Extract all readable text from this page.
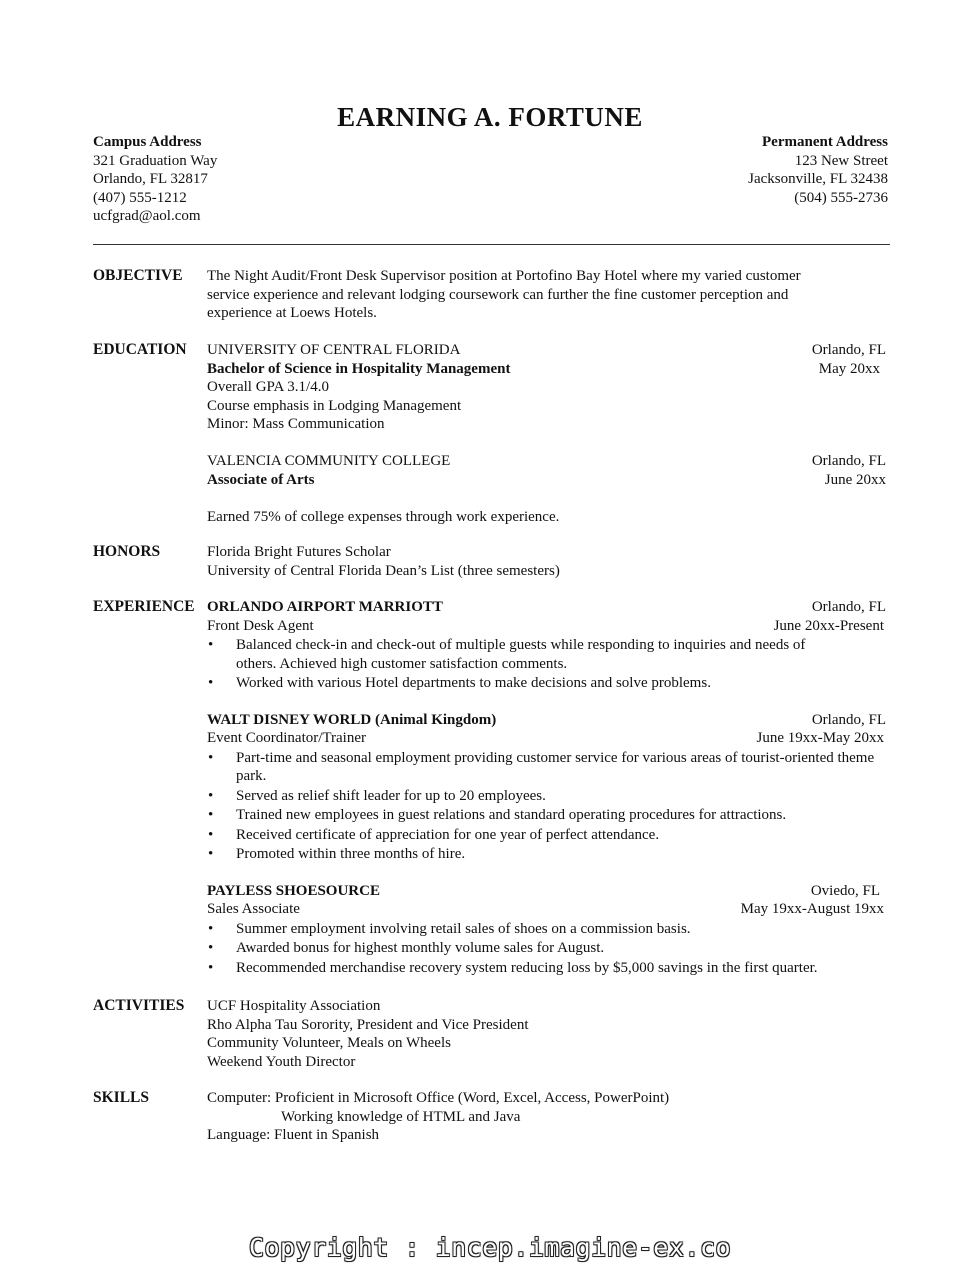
EARNING A. FORTUNE
Campus Address
321 Graduation Way
Orlando, FL 32817
(407) 555-1212
ucfgrad@aol.com
Permanent Address
123 New Street
Jacksonville, FL 32438
(504) 555-2736
OBJECTIVE The Night Audit/Front Desk Supervisor position at Portofino Bay Hotel where my varied customer service experience and relevant lodging coursework can further the fine customer perception and experience at Loews Hotels.
EDUCATION UNIVERSITY OF CENTRAL FLORIDA	Orlando, FL
Bachelor of Science in Hospitality Management	May 20xx
Overall GPA 3.1/4.0
Course emphasis in Lodging Management
Minor: Mass Communication
VALENCIA COMMUNITY COLLEGE	Orlando, FL
Associate of Arts	June 20xx
Earned 75% of college expenses through work experience.
HONORS	Florida Bright Futures Scholar
University of Central Florida Dean’s List (three semesters)
EXPERIENCE ORLANDO AIRPORT MARRIOTT	Orlando, FL
Front Desk Agent	June 20xx-Present
• Balanced check-in and check-out of multiple guests while responding to inquiries and needs of others. Achieved high customer satisfaction comments.
• Worked with various Hotel departments to make decisions and solve problems.
WALT DISNEY WORLD (Animal Kingdom)	Orlando, FL
Event Coordinator/Trainer	June 19xx-May 20xx
• Part-time and seasonal employment providing customer service for various areas of tourist-oriented theme park.
• Served as relief shift leader for up to 20 employees.
• Trained new employees in guest relations and standard operating procedures for attractions.
• Received certificate of appreciation for one year of perfect attendance.
• Promoted within three months of hire.
PAYLESS SHOESOURCE	Oviedo, FL
Sales Associate	May 19xx-August 19xx
• Summer employment involving retail sales of shoes on a commission basis.
• Awarded bonus for highest monthly volume sales for August.
• Recommended merchandise recovery system reducing loss by $5,000 savings in the first quarter.
ACTIVITIES UCF Hospitality Association
Rho Alpha Tau Sorority, President and Vice President
Community Volunteer, Meals on Wheels
Weekend Youth Director
SKILLS	Computer: Proficient in Microsoft Office (Word, Excel, Access, PowerPoint)
Working knowledge of HTML and Java
Language: Fluent in Spanish
Copyright : incep.imagine-ex.co
